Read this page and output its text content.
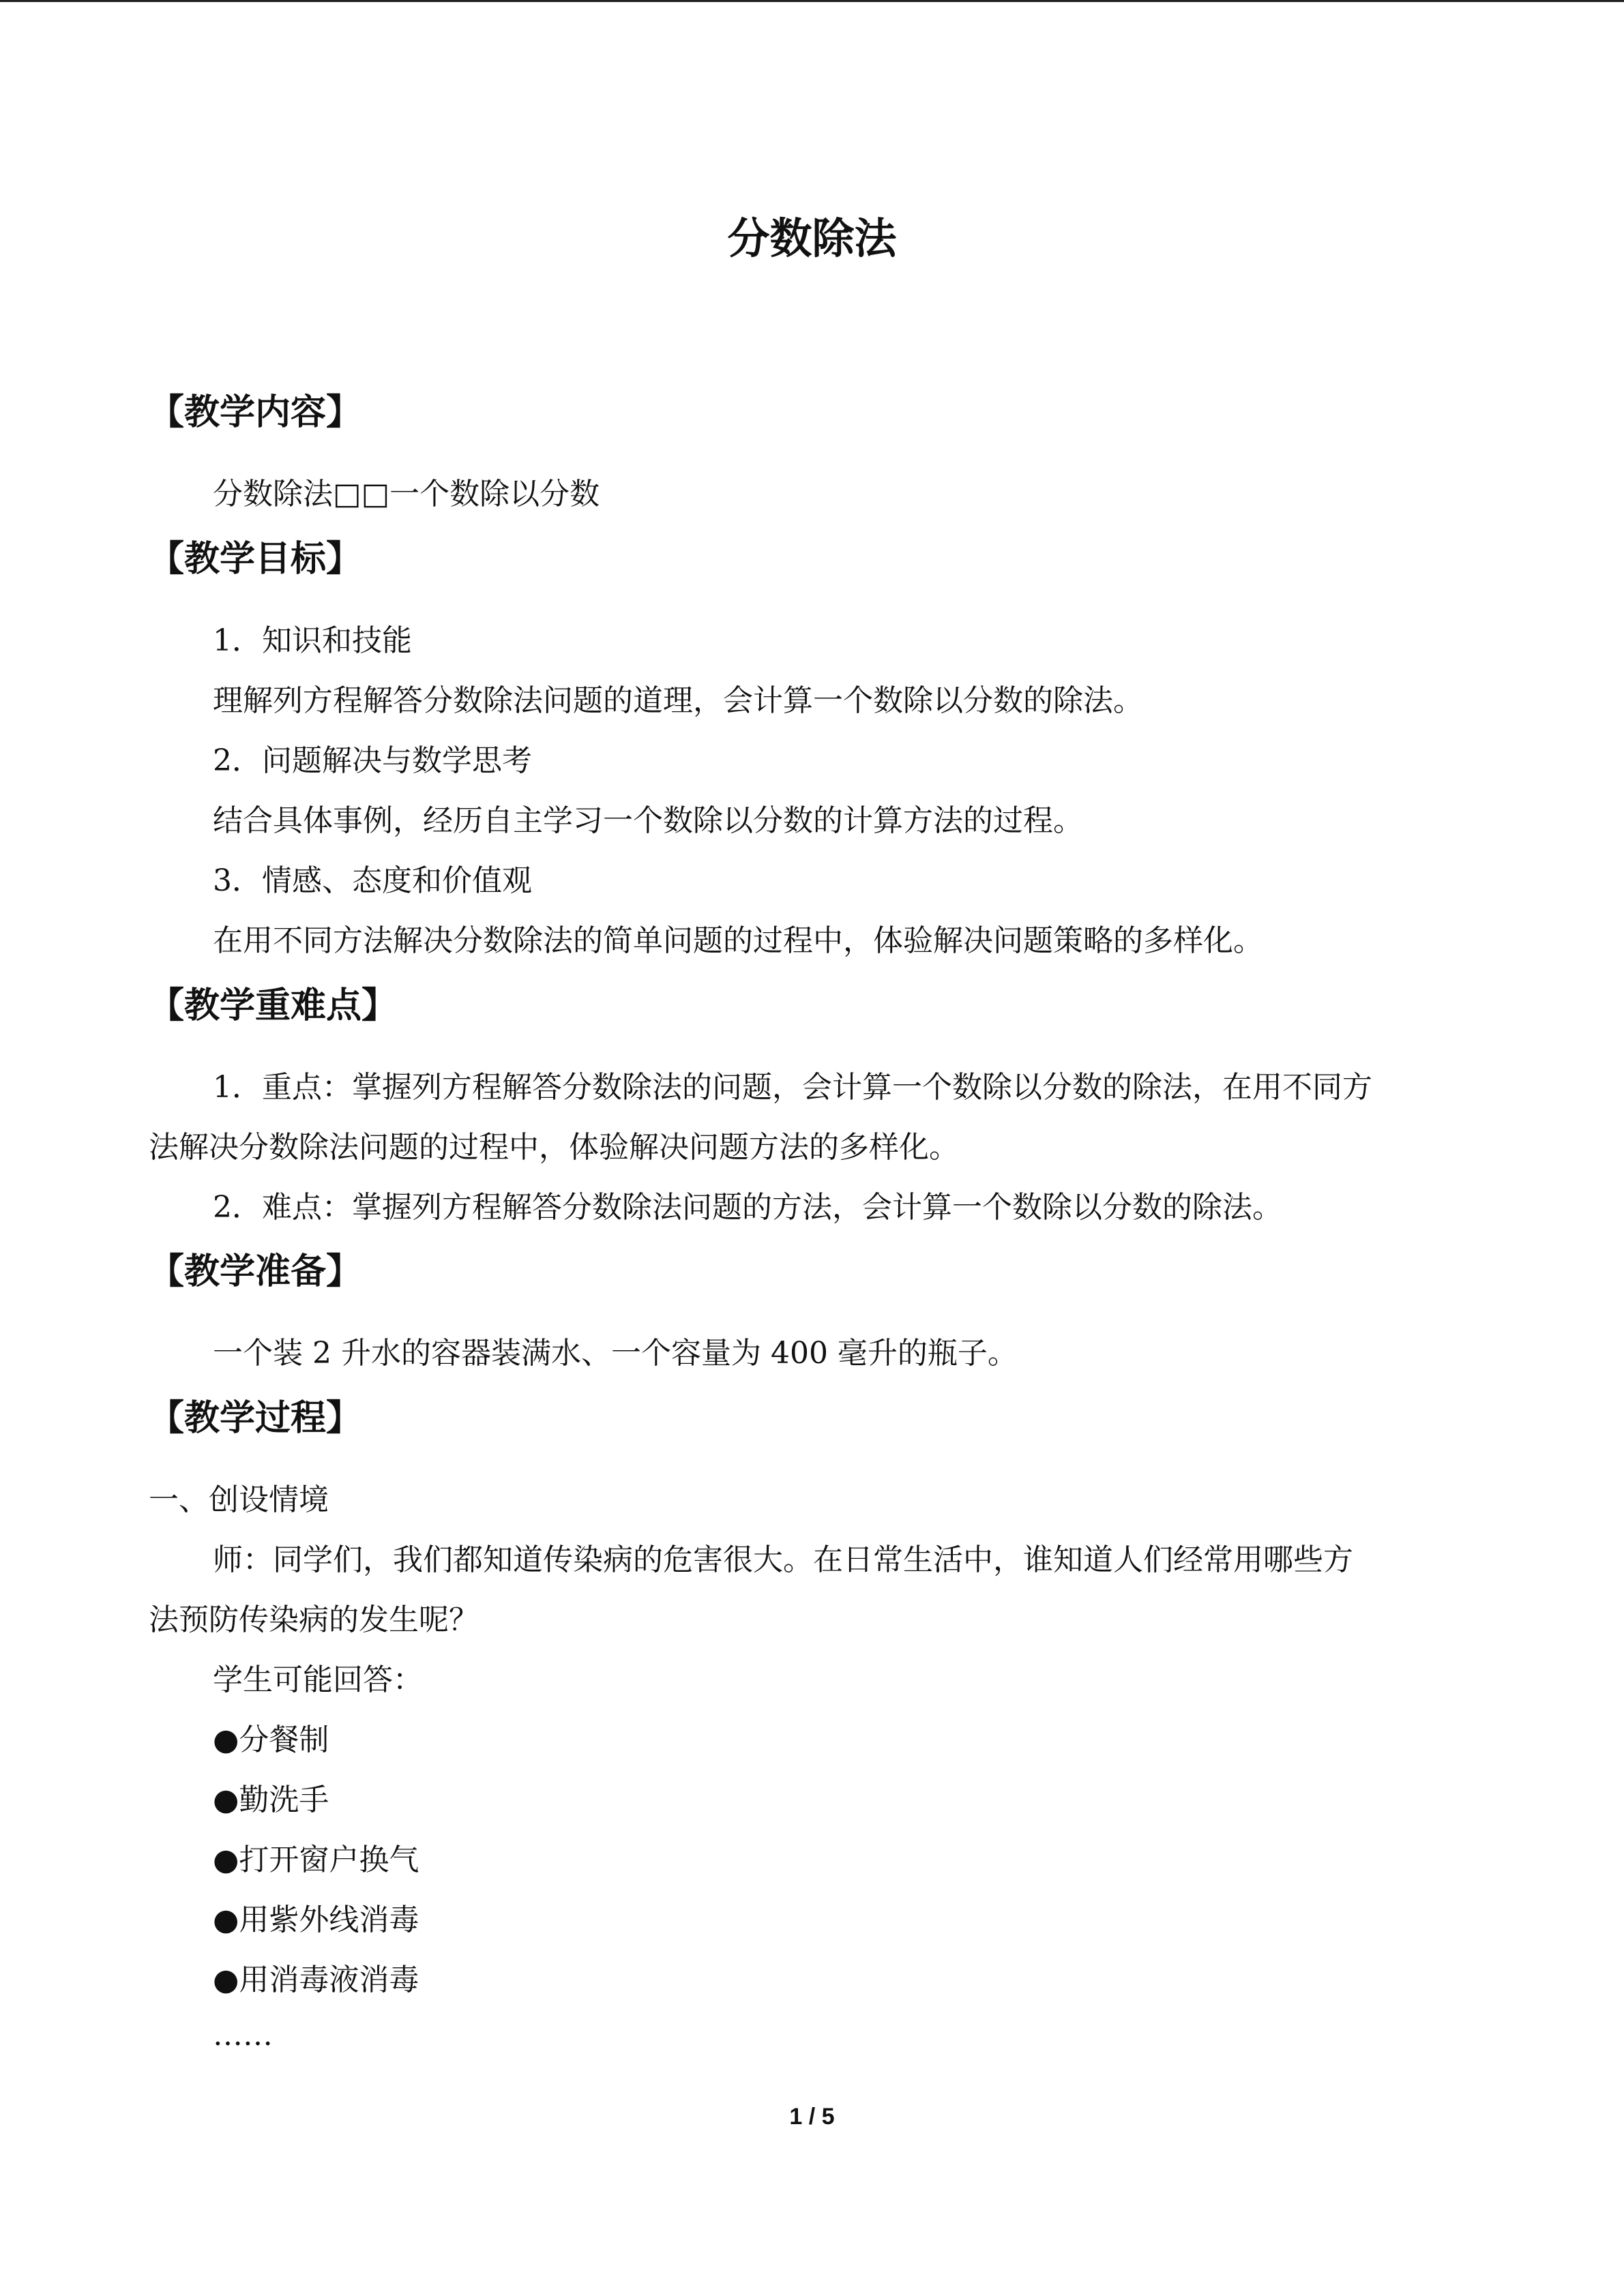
分数除法
【教学内容】
分数除法□□一个数除以分数
【教学目标】
1．知识和技能
理解列方程解答分数除法问题的道理，会计算一个数除以分数的除法。
2．问题解决与数学思考
结合具体事例，经历自主学习一个数除以分数的计算方法的过程。
3．情感、态度和价值观
在用不同方法解决分数除法的简单问题的过程中，体验解决问题策略的多样化。
【教学重难点】
1．重点：掌握列方程解答分数除法的问题，会计算一个数除以分数的除法，在用不同方
法解决分数除法问题的过程中，体验解决问题方法的多样化。
2．难点：掌握列方程解答分数除法问题的方法，会计算一个数除以分数的除法。
【教学准备】
一个装 2 升水的容器装满水、一个容量为 400 毫升的瓶子。
【教学过程】
一、创设情境
师：同学们，我们都知道传染病的危害很大。在日常生活中，谁知道人们经常用哪些方
法预防传染病的发生呢？
学生可能回答：
●分餐制
●勤洗手
●打开窗户换气
●用紫外线消毒
●用消毒液消毒
……
1 / 5
